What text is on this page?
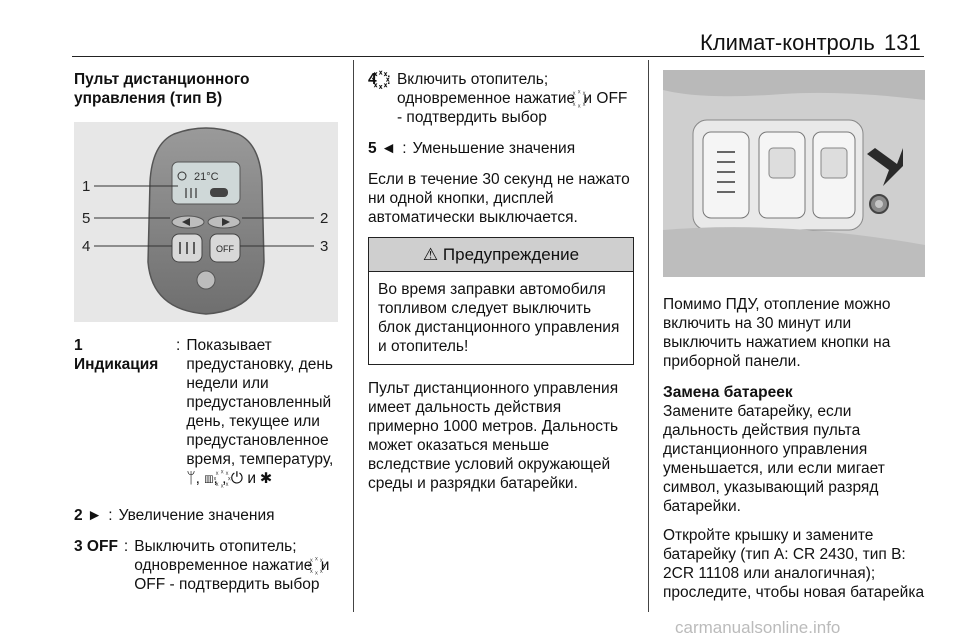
Климат-контроль 131
Пульт дистанционного управления (тип B)
21°C
OFF
1
2
3
4
5
1 Индикация
: Показывает предустановку, день недели или предустановленный день, текущее или предустановленное время, температуру, ᛘ, ▥, ꙰, ⏻ и ✱
2 ► : Увеличение значения
3 OFF : Выключить отопитель; одновременное нажатие ꙰ и OFF - подтвердить выбор
4 ꙰ : Включить отопитель; одновременное нажатие ꙰ и OFF - подтвердить выбор
5 ◄ : Уменьшение значения

Если в течение 30 секунд не нажато ни одной кнопки, дисплей автоматически выключается.

⚠ Предупреждение
Во время заправки автомобиля топливом следует выключить блок дистанционного управления и отопитель!

Пульт дистанционного управления имеет дальность действия примерно 1000 метров. Дальность может оказаться меньше вследствие условий окружающей среды и разрядки батарейки.

Помимо ПДУ, отопление можно включить на 30 минут или выключить нажатием кнопки на приборной панели.

Замена батареек

Замените батарейку, если дальность действия пульта дистанционного управления уменьшается, или если мигает символ, указывающий разряд батарейки.

Откройте крышку и замените батарейку (тип A: CR 2430, тип B: 2CR 11108 или аналогичная); проследите, чтобы новая батарейка

carmanualsonline.info
